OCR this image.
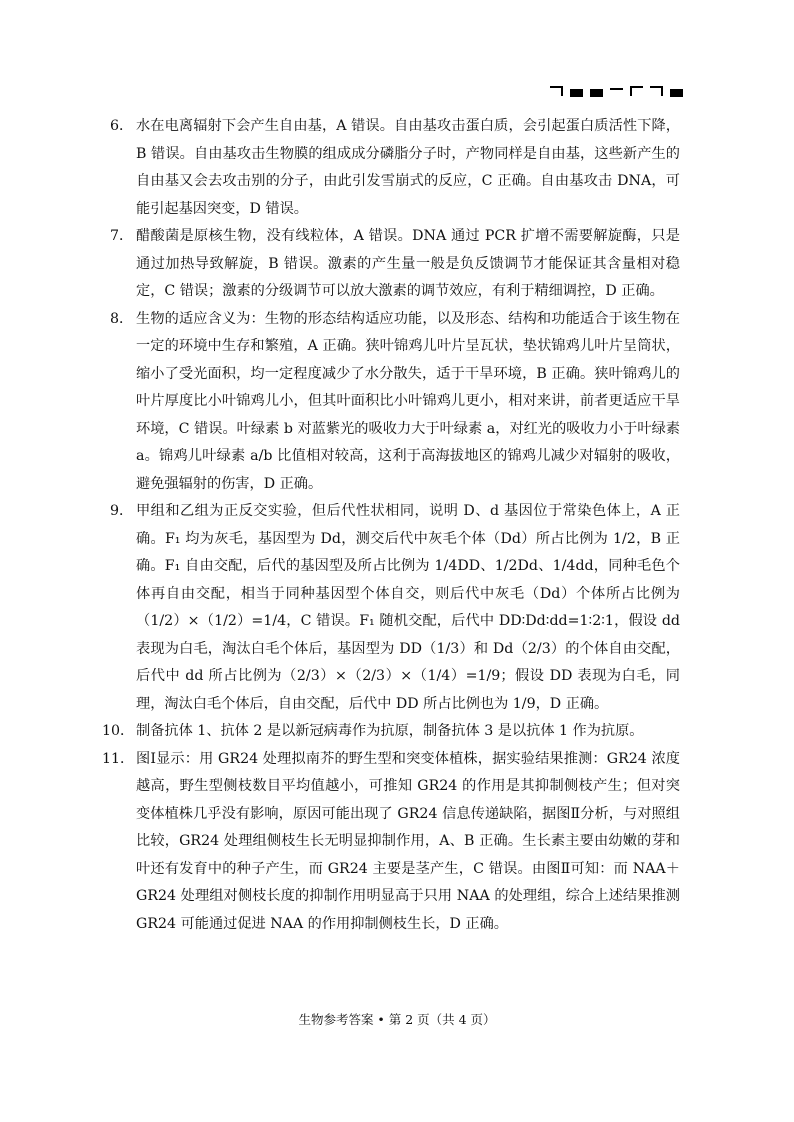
6． 水在电离辐射下会产生自由基，A 错误。自由基攻击蛋白质，会引起蛋白质活性下降，B 错误。自由基攻击生物膜的组成成分磷脂分子时，产物同样是自由基，这些新产生的自由基又会去攻击别的分子，由此引发雪崩式的反应，C 正确。自由基攻击 DNA，可能引起基因突变，D 错误。
7． 醋酸菌是原核生物，没有线粒体，A 错误。DNA 通过 PCR 扩增不需要解旋酶，只是通过加热导致解旋，B 错误。激素的产生量一般是负反馈调节才能保证其含量相对稳定，C 错误；激素的分级调节可以放大激素的调节效应，有利于精细调控，D 正确。
8． 生物的适应含义为：生物的形态结构适应功能，以及形态、结构和功能适合于该生物在一定的环境中生存和繁殖，A 正确。狭叶锦鸡儿叶片呈瓦状，垫状锦鸡儿叶片呈筒状，缩小了受光面积，均一定程度减少了水分散失，适于干旱环境，B 正确。狭叶锦鸡儿的叶片厚度比小叶锦鸡儿小，但其叶面积比小叶锦鸡儿更小，相对来讲，前者更适应干旱环境，C 错误。叶绿素 b 对蓝紫光的吸收力大于叶绿素 a，对红光的吸收力小于叶绿素 a。锦鸡儿叶绿素 a/b 比值相对较高，这利于高海拔地区的锦鸡儿减少对辐射的吸收，避免强辐射的伤害，D 正确。
9． 甲组和乙组为正反交实验，但后代性状相同，说明 D、d 基因位于常染色体上，A 正确。F₁ 均为灰毛，基因型为 Dd，测交后代中灰毛个体（Dd）所占比例为 1/2，B 正确。F₁ 自由交配，后代的基因型及所占比例为 1/4DD、1/2Dd、1/4dd，同种毛色个体再自由交配，相当于同种基因型个体自交，则后代中灰毛（Dd）个体所占比例为（1/2）×（1/2）=1/4，C 错误。F₁ 随机交配，后代中 DD∶Dd∶dd=1∶2∶1，假设 dd 表现为白毛，淘汰白毛个体后，基因型为 DD（1/3）和 Dd（2/3）的个体自由交配，后代中 dd 所占比例为（2/3）×（2/3）×（1/4）=1/9；假设 DD 表现为白毛，同理，淘汰白毛个体后，自由交配，后代中 DD 所占比例也为 1/9，D 正确。
10． 制备抗体 1、抗体 2 是以新冠病毒作为抗原，制备抗体 3 是以抗体 1 作为抗原。
11． 图Ⅰ显示：用 GR24 处理拟南芥的野生型和突变体植株，据实验结果推测：GR24 浓度越高，野生型侧枝数目平均值越小，可推知 GR24 的作用是其抑制侧枝产生；但对突变体植株几乎没有影响，原因可能出现了 GR24 信息传递缺陷，据图Ⅱ分析，与对照组比较，GR24 处理组侧枝生长无明显抑制作用，A、B 正确。生长素主要由幼嫩的芽和叶还有发育中的种子产生，而 GR24 主要是茎产生，C 错误。由图Ⅱ可知：而 NAA＋GR24 处理组对侧枝长度的抑制作用明显高于只用 NAA 的处理组，综合上述结果推测 GR24 可能通过促进 NAA 的作用抑制侧枝生长，D 正确。
生物参考答案 • 第 2 页（共 4 页）
